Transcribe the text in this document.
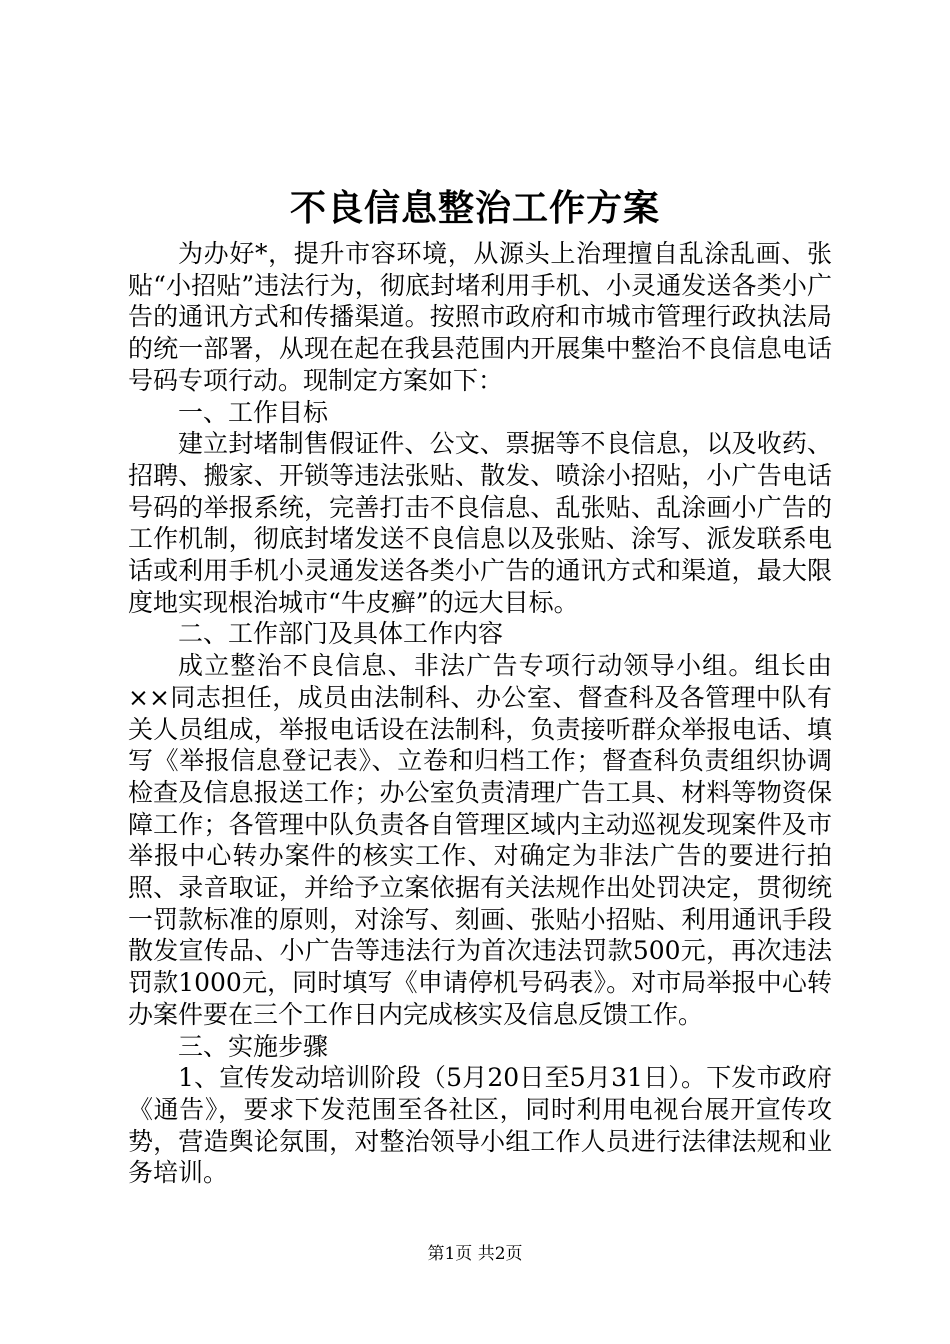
不良信息整治工作方案

为办好*，提升市容环境，从源头上治理擅自乱涂乱画、张贴“小招贴”违法行为，彻底封堵利用手机、小灵通发送各类小广告的通讯方式和传播渠道。按照市政府和市城市管理行政执法局的统一部署，从现在起在我县范围内开展集中整治不良信息电话号码专项行动。现制定方案如下：

一、工作目标

建立封堵制售假证件、公文、票据等不良信息，以及收药、招聘、搬家、开锁等违法张贴、散发、喷涂小招贴，小广告电话号码的举报系统，完善打击不良信息、乱张贴、乱涂画小广告的工作机制，彻底封堵发送不良信息以及张贴、涂写、派发联系电话或利用手机小灵通发送各类小广告的通讯方式和渠道，最大限度地实现根治城市“牛皮癣”的远大目标。

二、工作部门及具体工作内容

成立整治不良信息、非法广告专项行动领导小组。组长由××同志担任，成员由法制科、办公室、督查科及各管理中队有关人员组成，举报电话设在法制科，负责接听群众举报电话、填写《举报信息登记表》、立卷和归档工作；督查科负责组织协调检查及信息报送工作；办公室负责清理广告工具、材料等物资保障工作；各管理中队负责各自管理区域内主动巡视发现案件及市举报中心转办案件的核实工作、对确定为非法广告的要进行拍照、录音取证，并给予立案依据有关法规作出处罚决定，贯彻统一罚款标准的原则，对涂写、刻画、张贴小招贴、利用通讯手段散发宣传品、小广告等违法行为首次违法罚款500元，再次违法罚款1000元，同时填写《申请停机号码表》。对市局举报中心转办案件要在三个工作日内完成核实及信息反馈工作。

三、实施步骤

1、宣传发动培训阶段（5月20日至5月31日）。下发市政府《通告》，要求下发范围至各社区，同时利用电视台展开宣传攻势，营造舆论氛围，对整治领导小组工作人员进行法律法规和业务培训。

第1页 共2页
